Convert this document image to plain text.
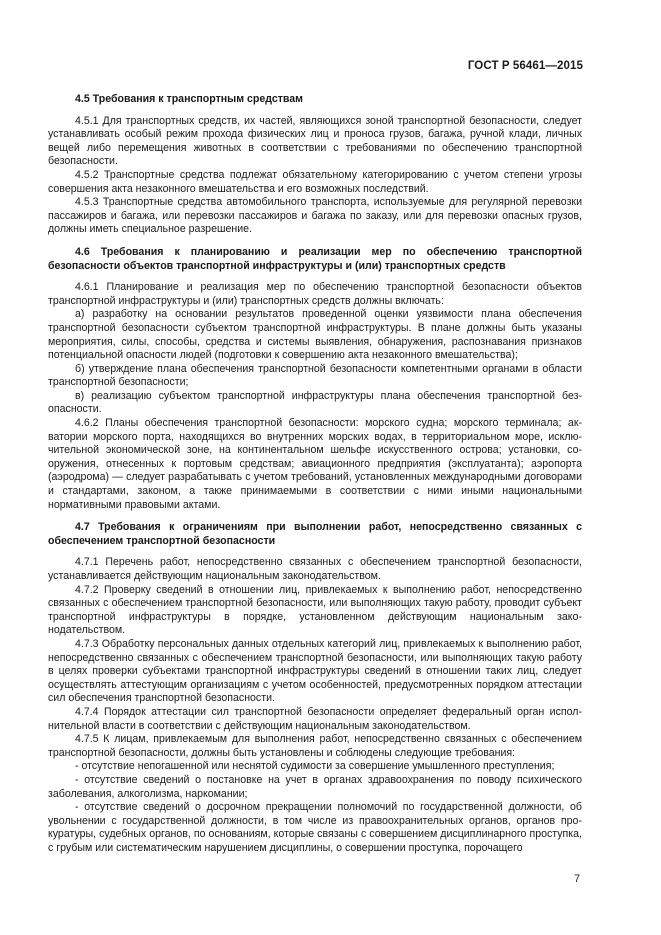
ГОСТ Р 56461—2015
4.5 Требования к транспортным средствам

4.5.1 Для транспортных средств, их частей, являющихся зоной транспортной безопасности, следует устанавливать особый режим прохода физических лиц и проноса грузов, багажа, ручной клади, личных вещей либо перемещения животных в соответствии с требованиями по обеспечению транспортной безопасности.

4.5.2 Транспортные средства подлежат обязательному категорированию с учетом степени угрозы совершения акта незаконного вмешательства и его возможных последствий.

4.5.3 Транспортные средства автомобильного транспорта, используемые для регулярной перевозки пассажиров и багажа, или перевозки пассажиров и багажа по заказу, или для перевозки опасных грузов, должны иметь специальное разрешение.

4.6 Требования к планированию и реализации мер по обеспечению транспортной безопасности объектов транспортной инфраструктуры и (или) транспортных средств

4.6.1 Планирование и реализация мер по обеспечению транспортной безопасности объектов транспортной инфраструктуры и (или) транспортных средств должны включать:

а) разработку на основании результатов проведенной оценки уязвимости плана обеспечения транспортной безопасности субъектом транспортной инфраструктуры. В плане должны быть указаны мероприятия, силы, способы, средства и системы выявления, обнаружения, распознавания признаков потенциальной опасности людей (подготовки к совершению акта незаконного вмешательства);

б) утверждение плана обеспечения транспортной безопасности компетентными органами в области транспортной безопасности;

в) реализацию субъектом транспортной инфраструктуры плана обеспечения транспортной безопасности.

4.6.2 Планы обеспечения транспортной безопасности: морского судна; морского терминала; акватории морского порта, находящихся во внутренних морских водах, в территориальном море, исключительной экономической зоне, на континентальном шельфе искусственного острова; установки, сооружения, отнесенных к портовым средствам; авиационного предприятия (эксплуатанта); аэропорта (аэродрома) — следует разрабатывать с учетом требований, установленных международными договорами и стандартами, законом, а также принимаемыми в соответствии с ними иными национальными нормативными правовыми актами.

4.7 Требования к ограничениям при выполнении работ, непосредственно связанных с обеспечением транспортной безопасности

4.7.1 Перечень работ, непосредственно связанных с обеспечением транспортной безопасности, устанавливается действующим национальным законодательством.

4.7.2 Проверку сведений в отношении лиц, привлекаемых к выполнению работ, непосредственно связанных с обеспечением транспортной безопасности, или выполняющих такую работу, проводит субъект транспортной инфраструктуры в порядке, установленном действующим национальным законодательством.

4.7.3 Обработку персональных данных отдельных категорий лиц, привлекаемых к выполнению работ, непосредственно связанных с обеспечением транспортной безопасности, или выполняющих такую работу в целях проверки субъектами транспортной инфраструктуры сведений в отношении таких лиц, следует осуществлять аттестующим организациям с учетом особенностей, предусмотренных порядком аттестации сил обеспечения транспортной безопасности.

4.7.4 Порядок аттестации сил транспортной безопасности определяет федеральный орган исполнительной власти в соответствии с действующим национальным законодательством.

4.7.5 К лицам, привлекаемым для выполнения работ, непосредственно связанных с обеспечением транспортной безопасности, должны быть установлены и соблюдены следующие требования:

- отсутствие непогашенной или неснятой судимости за совершение умышленного преступления;

- отсутствие сведений о постановке на учет в органах здравоохранения по поводу психического заболевания, алкоголизма, наркомании;

- отсутствие сведений о досрочном прекращении полномочий по государственной должности, об увольнении с государственной должности, в том числе из правоохранительных органов, органов прокуратуры, судебных органов, по основаниям, которые связаны с совершением дисциплинарного проступка, с грубым или систематическим нарушением дисциплины, о совершении проступка, порочащего

7
